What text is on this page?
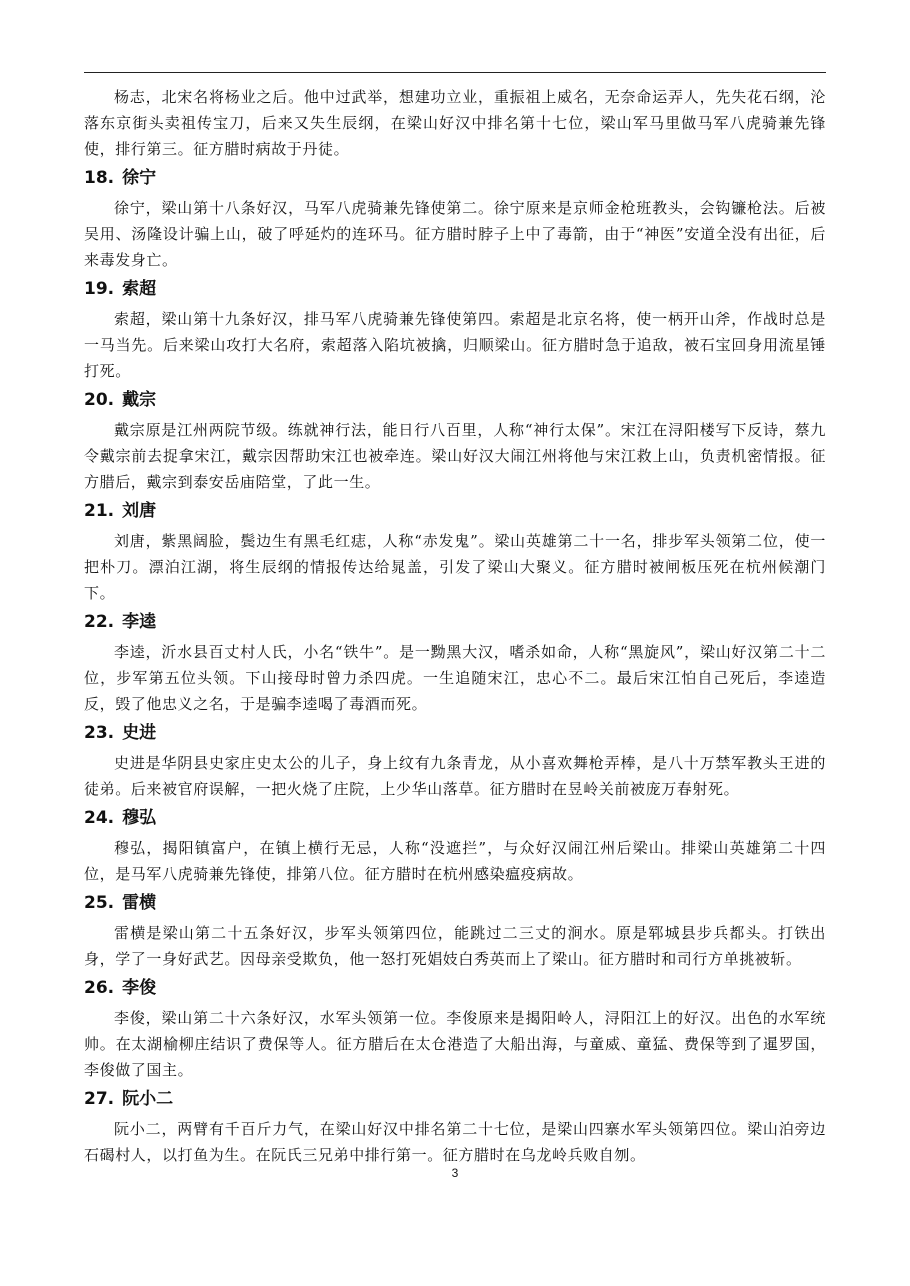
杨志，北宋名将杨业之后。他中过武举，想建功立业，重振祖上威名，无奈命运弄人，先失花石纲，沦落东京街头卖祖传宝刀，后来又失生辰纲，在梁山好汉中排名第十七位，梁山军马里做马军八虎骑兼先锋使，排行第三。征方腊时病故于丹徒。

18. 徐宁

徐宁，梁山第十八条好汉，马军八虎骑兼先锋使第二。徐宁原来是京师金枪班教头，会钩镰枪法。后被吴用、汤隆设计骗上山，破了呼延灼的连环马。征方腊时脖子上中了毒箭，由于“神医”安道全没有出征，后来毒发身亡。

19. 索超

索超，梁山第十九条好汉，排马军八虎骑兼先锋使第四。索超是北京名将，使一柄开山斧，作战时总是一马当先。后来梁山攻打大名府，索超落入陷坑被擒，归顺梁山。征方腊时急于追敌，被石宝回身用流星锤打死。

20. 戴宗

戴宗原是江州两院节级。练就神行法，能日行八百里，人称“神行太保”。宋江在浔阳楼写下反诗，蔡九令戴宗前去捉拿宋江，戴宗因帮助宋江也被牵连。梁山好汉大闹江州将他与宋江救上山，负责机密情报。征方腊后，戴宗到泰安岳庙陪堂，了此一生。

21. 刘唐

刘唐，紫黑阔脸，鬓边生有黑毛红痣，人称“赤发鬼”。梁山英雄第二十一名，排步军头领第二位，使一把朴刀。漂泊江湖，将生辰纲的情报传达给晁盖，引发了梁山大聚义。征方腊时被闸板压死在杭州候潮门下。

22. 李逵

李逵，沂水县百丈村人氏，小名“铁牛”。是一黝黑大汉，嗜杀如命，人称“黑旋风”，梁山好汉第二十二位，步军第五位头领。下山接母时曾力杀四虎。一生追随宋江，忠心不二。最后宋江怕自己死后，李逵造反，毁了他忠义之名，于是骗李逵喝了毒酒而死。

23. 史进

史进是华阴县史家庄史太公的儿子，身上纹有九条青龙，从小喜欢舞枪弄棒，是八十万禁军教头王进的徒弟。后来被官府误解，一把火烧了庄院，上少华山落草。征方腊时在昱岭关前被庞万春射死。

24. 穆弘

穆弘，揭阳镇富户，在镇上横行无忌，人称“没遮拦”，与众好汉闹江州后梁山。排梁山英雄第二十四位，是马军八虎骑兼先锋使，排第八位。征方腊时在杭州感染瘟疫病故。

25. 雷横

雷横是梁山第二十五条好汉，步军头领第四位，能跳过二三丈的涧水。原是郓城县步兵都头。打铁出身，学了一身好武艺。因母亲受欺负，他一怒打死娼妓白秀英而上了梁山。征方腊时和司行方单挑被斩。

26. 李俊

李俊，梁山第二十六条好汉，水军头领第一位。李俊原来是揭阳岭人，浔阳江上的好汉。出色的水军统帅。在太湖榆柳庄结识了费保等人。征方腊后在太仓港造了大船出海，与童威、童猛、费保等到了暹罗国，李俊做了国主。

27. 阮小二

阮小二，两臂有千百斤力气，在梁山好汉中排名第二十七位，是梁山四寨水军头领第四位。梁山泊旁边石碣村人，以打鱼为生。在阮氏三兄弟中排行第一。征方腊时在乌龙岭兵败自刎。

3
